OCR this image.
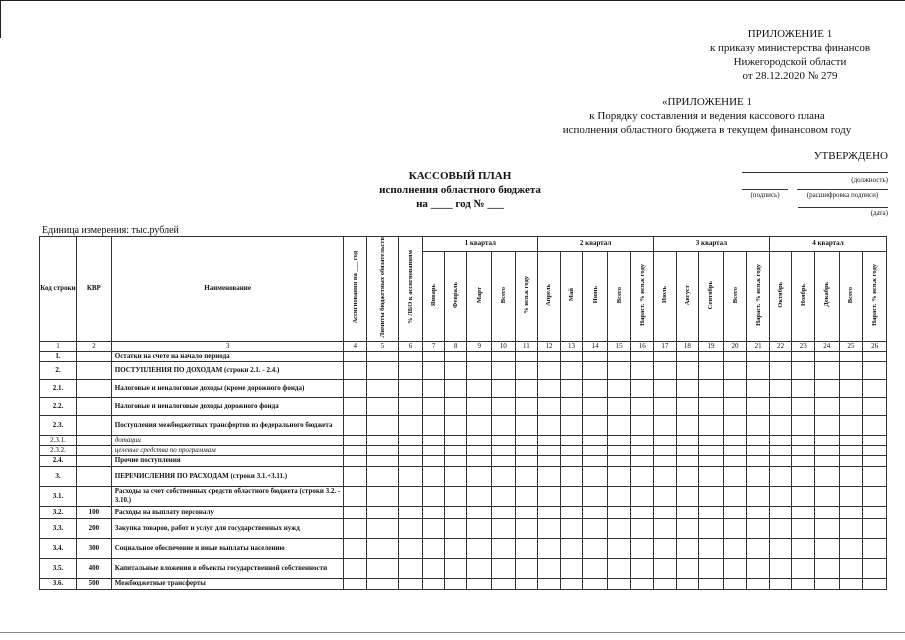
ПРИЛОЖЕНИЕ 1
к приказу министерства финансов
Нижегородской области
от 28.12.2020 № 279
«ПРИЛОЖЕНИЕ 1
к Порядку составления и ведения кассового плана
исполнения областного бюджета в текущем финансовом году
УТВЕРЖДЕНО
(должность)
(подпись)	(расшифровка подписи)
(дата)
КАССОВЫЙ ПЛАН
исполнения областного бюджета
на ____ год № ___
Единица измерения: тыс.рублей
Код строки	КВР	Наименование	Ассигнования на ___ год	Лимиты бюджетных обязательств	% ЛБО к ассигнованиям	1 квартал					2 квартал					3 квартал					4 квартал				
						Январь	Февраль	Март	Всего	% исп.к году	Апрель	Май	Июнь	Всего	Нараст. % исп.к году	Июль	Август	Сентябрь	Всего	Нараст. % исп.к году	Октябрь	Ноябрь	Декабрь	Всего	Нараст. % исп.к году
1	2	3	4	5	6	7	8	9	10	11	12	13	14	15	16	17	18	19	20	21	22	23	24	25	26
1.		Остатки на счете на начало периода																							
2.		ПОСТУПЛЕНИЯ ПО ДОХОДАМ (строки 2.1. - 2.4.)																							
2.1.		Налоговые и неналоговые доходы (кроме дорожного фонда)																							
2.2.		Налоговые и неналоговые доходы дорожного фонда																							
2.3.		Поступления межбюджетных трансфертов из федерального бюджета																							
2.3.1.		дотации																							
2.3.2.		целевые средства по программам																							
2.4.		Прочие поступления																							
3.		ПЕРЕЧИСЛЕНИЯ ПО РАСХОДАМ (строки 3.1.+3.11.)																							
3.1.		Расходы за счет собственных средств областного бюджета (строки 3.2. - 3.10.)																							
3.2.	100	Расходы на выплату персоналу																							
3.3.	200	Закупка товаров, работ и услуг для государственных нужд																							
3.4.	300	Социальное обеспечение и иные выплаты населению																							
3.5.	400	Капитальные вложения в объекты государственной собственности																							
3.6.	500	Межбюджетные трансферты																							
